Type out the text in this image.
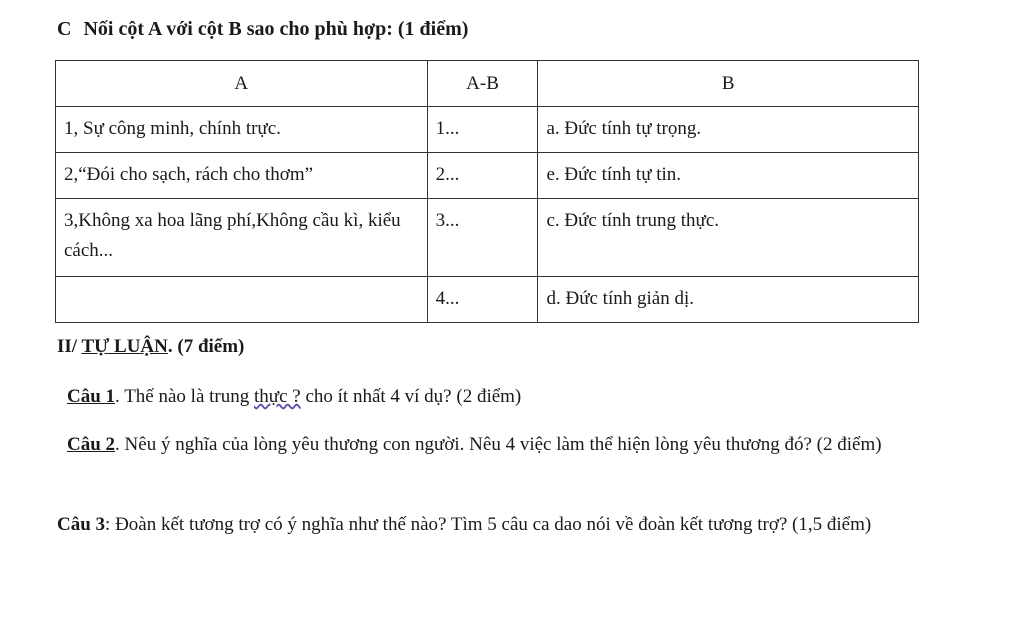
C Nối cột A với cột B sao cho phù hợp: (1 điểm)
A	A-B	B
1, Sự công minh, chính trực.	1...	a. Đức tính tự trọng.
2,“Đói cho sạch, rách cho thơm”	2...	e. Đức tính tự tin.
3,Không xa hoa lãng phí,Không cầu kì, kiểu cách...	3...	c. Đức tính trung thực.
	4...	d. Đức tính giản dị.
II/ TỰ LUẬN. (7 điểm)
Câu 1. Thế nào là trung thực ? cho ít nhất 4 ví dụ? (2 điểm)
Câu 2. Nêu ý nghĩa của lòng yêu thương con người. Nêu 4 việc làm thể hiện lòng yêu thương đó? (2 điểm)
Câu 3: Đoàn kết tương trợ có ý nghĩa như thế nào? Tìm 5 câu ca dao nói về đoàn kết tương trợ? (1,5 điểm)
